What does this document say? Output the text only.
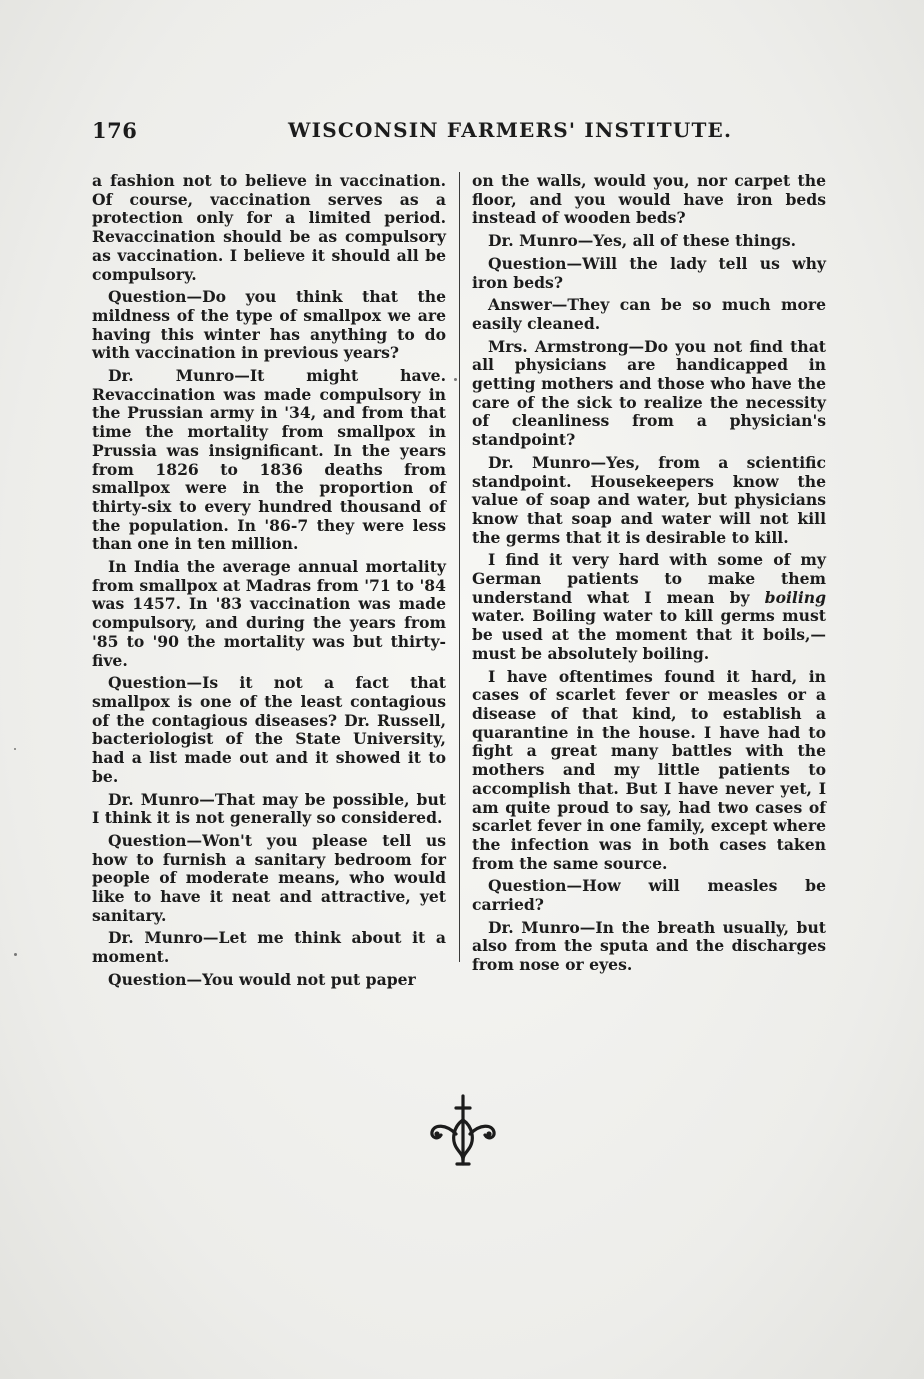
176	WISCONSIN FARMERS' INSTITUTE.

a fashion not to believe in vaccination. Of course, vaccination serves as a protection only for a limited period. Revaccination should be as compulsory as vaccination. I believe it should all be compulsory.

Question—Do you think that the mildness of the type of smallpox we are having this winter has anything to do with vaccination in previous years?

Dr. Munro—It might have. Revaccination was made compulsory in the Prussian army in '34, and from that time the mortality from smallpox in Prussia was insignificant. In the years from 1826 to 1836 deaths from smallpox were in the proportion of thirty-six to every hundred thousand of the population. In '86-7 they were less than one in ten million.

In India the average annual mortality from smallpox at Madras from '71 to '84 was 1457. In '83 vaccination was made compulsory, and during the years from '85 to '90 the mortality was but thirty-five.

Question—Is it not a fact that smallpox is one of the least contagious of the contagious diseases? Dr. Russell, bacteriologist of the State University, had a list made out and it showed it to be.

Dr. Munro—That may be possible, but I think it is not generally so considered.

Question—Won't you please tell us how to furnish a sanitary bedroom for people of moderate means, who would like to have it neat and attractive, yet sanitary.

Dr. Munro—Let me think about it a moment.

Question—You would not put paper

on the walls, would you, nor carpet the floor, and you would have iron beds instead of wooden beds?

Dr. Munro—Yes, all of these things.

Question—Will the lady tell us why iron beds?

Answer—They can be so much more easily cleaned.

Mrs. Armstrong—Do you not find that all physicians are handicapped in getting mothers and those who have the care of the sick to realize the necessity of cleanliness from a physician's standpoint?

Dr. Munro—Yes, from a scientific standpoint. Housekeepers know the value of soap and water, but physicians know that soap and water will not kill the germs that it is desirable to kill.

I find it very hard with some of my German patients to make them understand what I mean by boiling water. Boiling water to kill germs must be used at the moment that it boils,—must be absolutely boiling.

I have oftentimes found it hard, in cases of scarlet fever or measles or a disease of that kind, to establish a quarantine in the house. I have had to fight a great many battles with the mothers and my little patients to accomplish that. But I have never yet, I am quite proud to say, had two cases of scarlet fever in one family, except where the infection was in both cases taken from the same source.

Question—How will measles be carried?

Dr. Munro—In the breath usually, but also from the sputa and the discharges from nose or eyes.
